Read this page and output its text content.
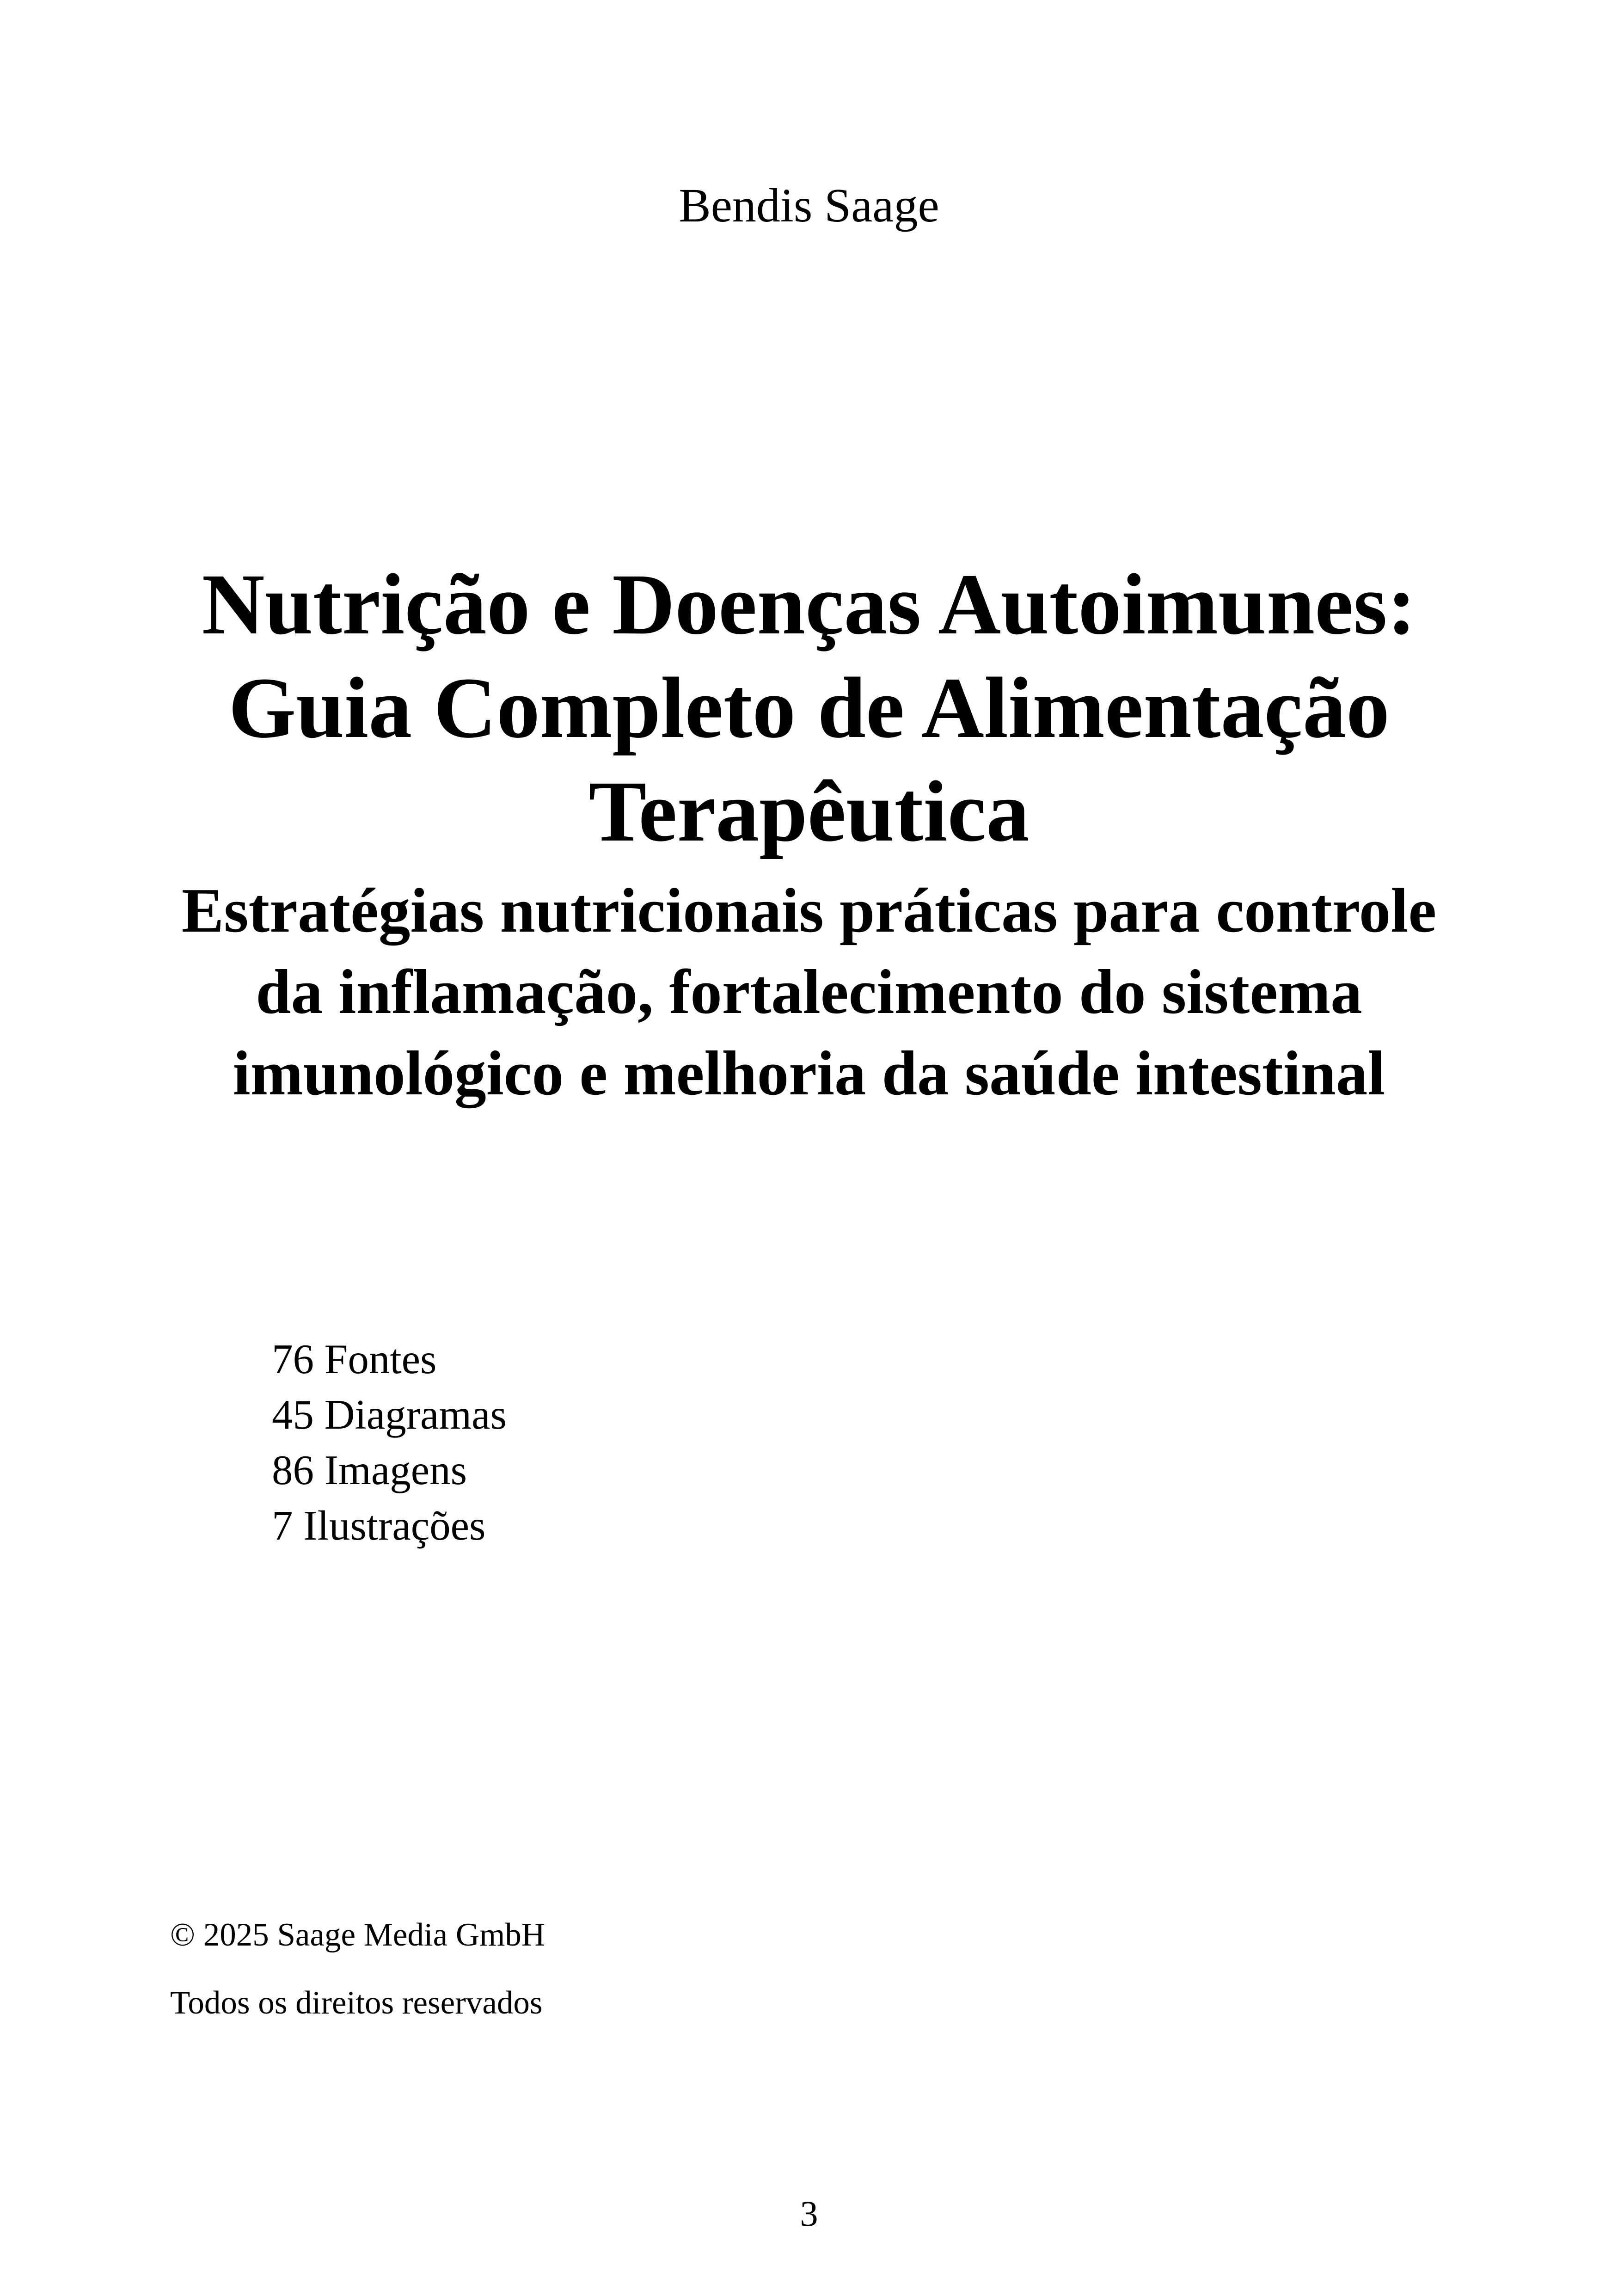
Bendis Saage
Nutrição e Doenças Autoimunes:
Guia Completo de Alimentação
Terapêutica
Estratégias nutricionais práticas para controle
da inflamação, fortalecimento do sistema
imunológico e melhoria da saúde intestinal
76 Fontes
45 Diagramas
86 Imagens
7 Ilustrações
© 2025 Saage Media GmbH
Todos os direitos reservados
3
